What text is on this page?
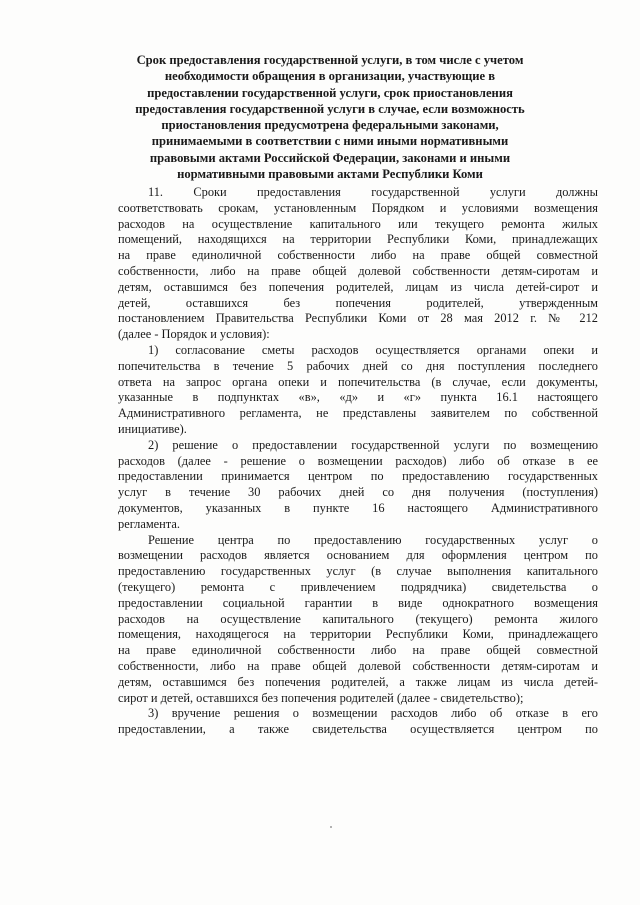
Срок предоставления государственной услуги, в том числе с учетом
необходимости обращения в организации, участвующие в
предоставлении государственной услуги, срок приостановления
предоставления государственной услуги в случае, если возможность
приостановления предусмотрена федеральными законами,
принимаемыми в соответствии с ними иными нормативными
правовыми актами Российской Федерации, законами и иными
нормативными правовыми актами Республики Коми
11. Сроки предоставления государственной услуги должны
соответствовать срокам, установленным Порядком и условиями возмещения
расходов на осуществление капитального или текущего ремонта жилых
помещений, находящихся на территории Республики Коми, принадлежащих
на праве единоличной собственности либо на праве общей совместной
собственности, либо на праве общей долевой собственности детям-сиротам и
детям, оставшимся без попечения родителей, лицам из числа детей-сирот и
детей, оставшихся без попечения родителей, утвержденным
постановлением Правительства Республики Коми от 28 мая 2012 г. № 212
(далее - Порядок и условия):
1) согласование сметы расходов осуществляется органами опеки и
попечительства в течение 5 рабочих дней со дня поступления последнего
ответа на запрос органа опеки и попечительства (в случае, если документы,
указанные в подпунктах «в», «д» и «г» пункта 16.1 настоящего
Административного регламента, не представлены заявителем по собственной
инициативе).
2) решение о предоставлении государственной услуги по возмещению
расходов (далее - решение о возмещении расходов) либо об отказе в ее
предоставлении принимается центром по предоставлению государственных
услуг в течение 30 рабочих дней со дня получения (поступления)
документов, указанных в пункте 16 настоящего Административного
регламента.
Решение центра по предоставлению государственных услуг о
возмещении расходов является основанием для оформления центром по
предоставлению государственных услуг (в случае выполнения капитального
(текущего) ремонта с привлечением подрядчика) свидетельства о
предоставлении социальной гарантии в виде однократного возмещения
расходов на осуществление капитального (текущего) ремонта жилого
помещения, находящегося на территории Республики Коми, принадлежащего
на праве единоличной собственности либо на праве общей совместной
собственности, либо на праве общей долевой собственности детям-сиротам и
детям, оставшимся без попечения родителей, а также лицам из числа детей-
сирот и детей, оставшихся без попечения родителей (далее - свидетельство);
3) вручение решения о возмещении расходов либо об отказе в его
предоставлении, а также свидетельства осуществляется центром по
